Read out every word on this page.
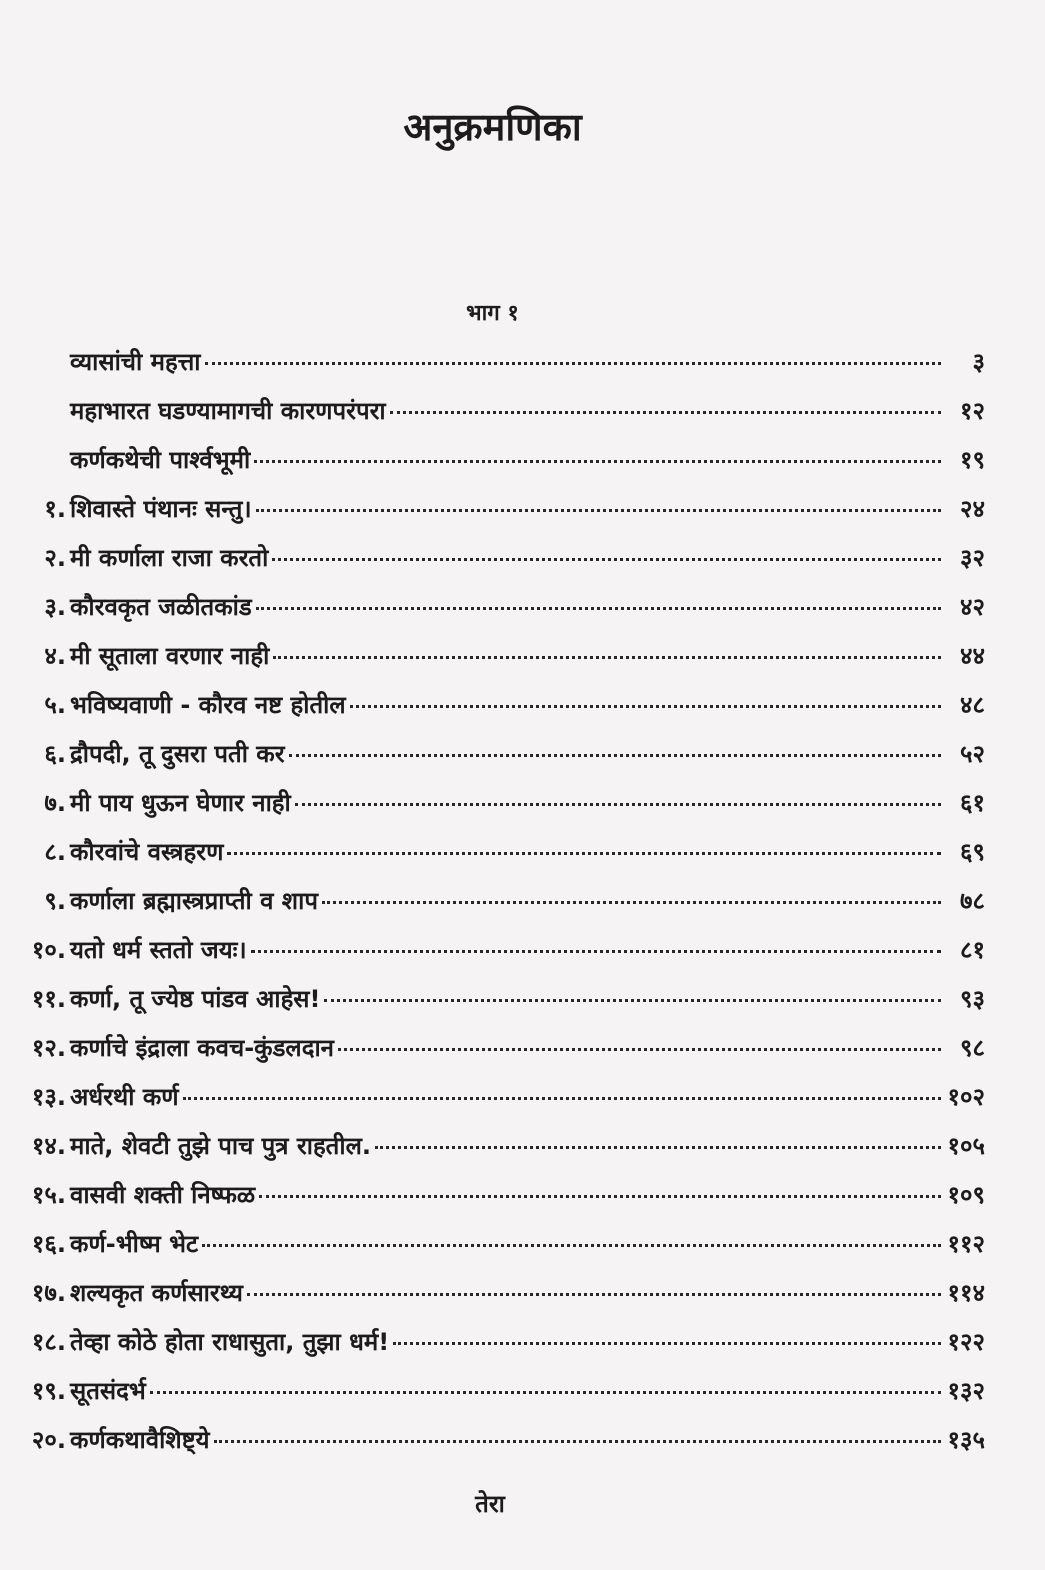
अनुक्रमणिका
भाग १
व्यासांची महत्ता	३
महाभारत घडण्यामागची कारणपरंपरा	१२
कर्णकथेची पार्श्वभूमी	१९
१. शिवास्ते पंथानः सन्तु।	२४
२. मी कर्णाला राजा करतो	३२
३. कौरवकृत जळीतकांड	४२
४. मी सूताला वरणार नाही	४४
५. भविष्यवाणी - कौरव नष्ट होतील	४८
६. द्रौपदी, तू दुसरा पती कर	५२
७. मी पाय धुऊन घेणार नाही	६१
८. कौरवांचे वस्त्रहरण	६९
९. कर्णाला ब्रह्मास्त्रप्राप्ती व शाप	७८
१०. यतो धर्म स्ततो जयः।	८१
११. कर्णा, तू ज्येष्ठ पांडव आहेस!	९३
१२. कर्णाचे इंद्राला कवच-कुंडलदान	९८
१३. अर्धरथी कर्ण	१०२
१४. माते, शेवटी तुझे पाच पुत्र राहतील.	१०५
१५. वासवी शक्ती निष्फळ	१०९
१६. कर्ण-भीष्म भेट	११२
१७. शल्यकृत कर्णसारथ्य	११४
१८. तेव्हा कोठे होता राधासुता, तुझा धर्म!	१२२
१९. सूतसंदर्भ	१३२
२०. कर्णकथावैशिष्ट्ये	१३५
तेरा
